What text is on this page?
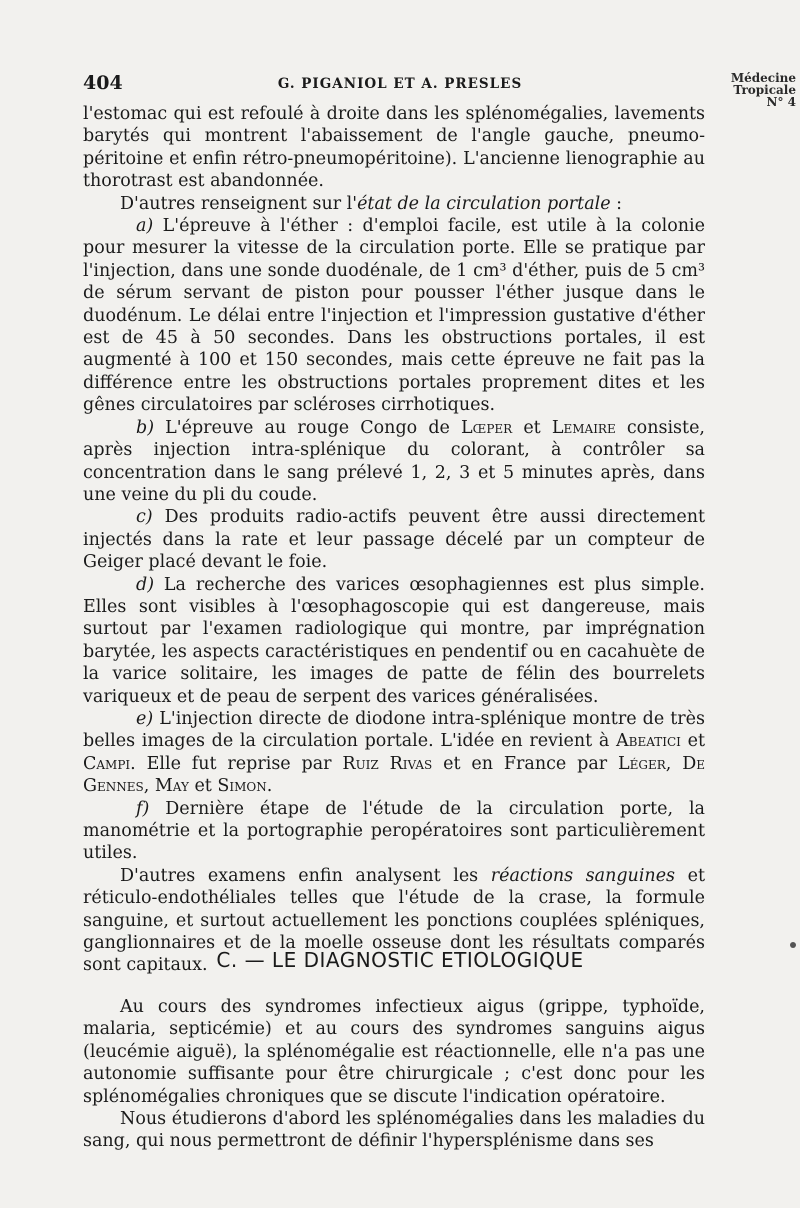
404	G. PIGANIOL ET A. PRESLES	Médecine
Tropicale
N° 4

l'estomac qui est refoulé à droite dans les splénomégalies, lavements barytés qui montrent l'abaissement de l'angle gauche, pneumo-péritoine et enfin rétro-pneumopéritoine). L'ancienne lienographie au thorotrast est abandonnée.

D'autres renseignent sur l'état de la circulation portale :

a) L'épreuve à l'éther : d'emploi facile, est utile à la colonie pour mesurer la vitesse de la circulation porte. Elle se pratique par l'injection, dans une sonde duodénale, de 1 cm³ d'éther, puis de 5 cm³ de sérum servant de piston pour pousser l'éther jusque dans le duodénum. Le délai entre l'injection et l'impression gustative d'éther est de 45 à 50 secondes. Dans les obstructions portales, il est augmenté à 100 et 150 secondes, mais cette épreuve ne fait pas la différence entre les obstructions portales proprement dites et les gênes circulatoires par scléroses cirrhotiques.

b) L'épreuve au rouge Congo de Lœper et Lemaire consiste, après injection intra-splénique du colorant, à contrôler sa concentration dans le sang prélevé 1, 2, 3 et 5 minutes après, dans une veine du pli du coude.

c) Des produits radio-actifs peuvent être aussi directement injectés dans la rate et leur passage décelé par un compteur de Geiger placé devant le foie.

d) La recherche des varices œsophagiennes est plus simple. Elles sont visibles à l'œsophagoscopie qui est dangereuse, mais surtout par l'examen radiologique qui montre, par imprégnation barytée, les aspects caractéristiques en pendentif ou en cacahuète de la varice solitaire, les images de patte de félin des bourrelets variqueux et de peau de serpent des varices généralisées.

e) L'injection directe de diodone intra-splénique montre de très belles images de la circulation portale. L'idée en revient à Abeatici et Campi. Elle fut reprise par Ruiz Rivas et en France par Léger, De Gennes, May et Simon.

f) Dernière étape de l'étude de la circulation porte, la manométrie et la portographie peropératoires sont particulièrement utiles.

D'autres examens enfin analysent les réactions sanguines et réticulo-endothéliales telles que l'étude de la crase, la formule sanguine, et surtout actuellement les ponctions couplées spléniques, ganglionnaires et de la moelle osseuse dont les résultats comparés sont capitaux. C. — LE DIAGNOSTIC ETIOLOGIQUE

Au cours des syndromes infectieux aigus (grippe, typhoïde, malaria, septicémie) et au cours des syndromes sanguins aigus (leucémie aiguë), la splénomégalie est réactionnelle, elle n'a pas une autonomie suffisante pour être chirurgicale ; c'est donc pour les splénomégalies chroniques que se discute l'indication opératoire.

Nous étudierons d'abord les splénomégalies dans les maladies du sang, qui nous permettront de définir l'hypersplénisme dans ses
